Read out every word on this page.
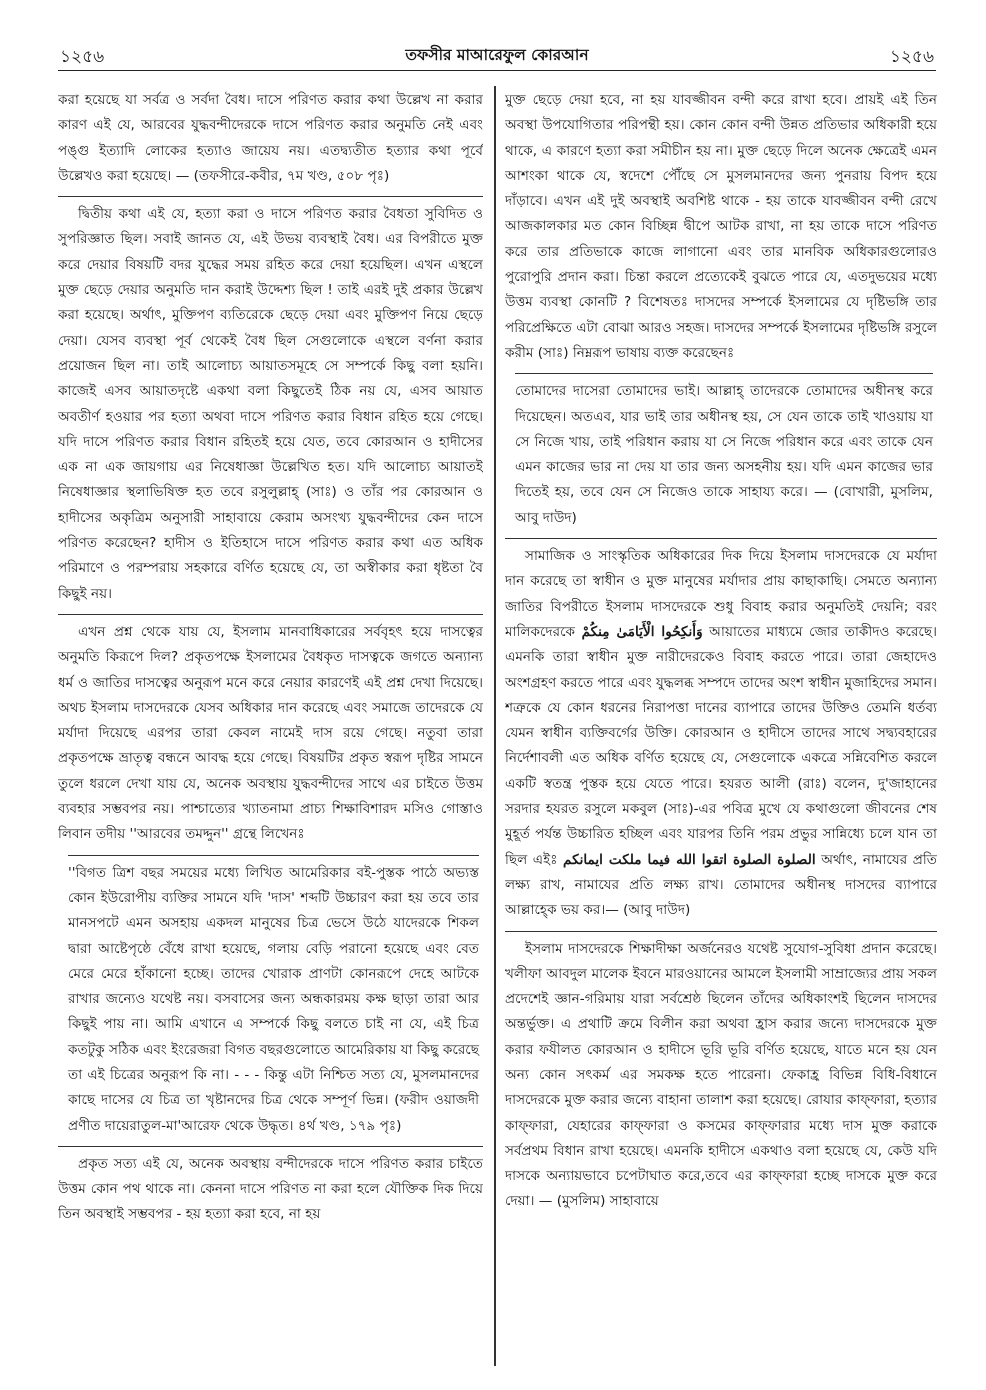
১২৫৬	তফসীর মাআরেফুল কোরআন	১২৫৬

করা হয়েছে যা সর্বত্র ও সর্বদা বৈধ। দাসে পরিণত করার কথা উল্লেখ না করার কারণ এই যে, আরবের যুদ্ধবন্দীদেরকে দাসে পরিণত করার অনুমতি নেই এবং পঙ্গু ইত্যাদি লোকের হত্যাও জায়েয নয়। এতদ্ব্যতীত হত্যার কথা পূর্বে উল্লেখও করা হয়েছে। — (তফসীরে-কবীর, ৭ম খণ্ড, ৫০৮ পৃঃ)

দ্বিতীয় কথা এই যে, হত্যা করা ও দাসে পরিণত করার বৈধতা সুবিদিত ও সুপরিজ্ঞাত ছিল। সবাই জানত যে, এই উভয় ব্যবস্থাই বৈধ। এর বিপরীতে মুক্ত করে দেয়ার বিষয়টি বদর যুদ্ধের সময় রহিত করে দেয়া হয়েছিল। এখন এস্থলে মুক্ত ছেড়ে দেয়ার অনুমতি দান করাই উদ্দেশ্য ছিল ! তাই এরই দুই প্রকার উল্লেখ করা হয়েছে। অর্থাৎ, মুক্তিপণ ব্যতিরেকে ছেড়ে দেয়া এবং মুক্তিপণ নিয়ে ছেড়ে দেয়া। যেসব ব্যবস্থা পূর্ব থেকেই বৈধ ছিল সেগুলোকে এস্থলে বর্ণনা করার প্রয়োজন ছিল না। তাই আলোচ্য আয়াতসমূহে সে সম্পর্কে কিছু বলা হয়নি। কাজেই এসব আয়াতদৃষ্টে একথা বলা কিছুতেই ঠিক নয় যে, এসব আয়াত অবতীর্ণ হওয়ার পর হত্যা অথবা দাসে পরিণত করার বিধান রহিত হয়ে গেছে। যদি দাসে পরিণত করার বিধান রহিতই হয়ে যেত, তবে কোরআন ও হাদীসের এক না এক জায়গায় এর নিষেধাজ্ঞা উল্লেখিত হত। যদি আলোচ্য আয়াতই নিষেধাজ্ঞার স্থলাভিষিক্ত হত তবে রসুলুল্লাহ্ (সাঃ) ও তাঁর পর কোরআন ও হাদীসের অকৃত্রিম অনুসারী সাহাবায়ে কেরাম অসংখ্য যুদ্ধবন্দীদের কেন দাসে পরিণত করেছেন? হাদীস ও ইতিহাসে দাসে পরিণত করার কথা এত অধিক পরিমাণে ও পরম্পরায় সহকারে বর্ণিত হয়েছে যে, তা অস্বীকার করা ধৃষ্টতা বৈ কিছুই নয়।

এখন প্রশ্ন থেকে যায় যে, ইসলাম মানবাধিকারের সর্ববৃহৎ হয়ে দাসত্বের অনুমতি কিরূপে দিল? প্রকৃতপক্ষে ইসলামের বৈধকৃত দাসত্বকে জগতে অন্যান্য ধর্ম ও জাতির দাসত্বের অনুরূপ মনে করে নেয়ার কারণেই এই প্রশ্ন দেখা দিয়েছে। অথচ ইসলাম দাসদেরকে যেসব অধিকার দান করেছে এবং সমাজে তাদেরকে যে মর্যাদা দিয়েছে এরপর তারা কেবল নামেই দাস রয়ে গেছে। নতুবা তারা প্রকৃতপক্ষে ভ্রাতৃত্ব বন্ধনে আবদ্ধ হয়ে গেছে। বিষয়টির প্রকৃত স্বরূপ দৃষ্টির সামনে তুলে ধরলে দেখা যায় যে, অনেক অবস্থায় যুদ্ধবন্দীদের সাথে এর চাইতে উত্তম ব্যবহার সম্ভবপর নয়। পাশ্চাত্যের খ্যাতনামা প্রাচ্য শিক্ষাবিশারদ মসিও গোস্তাও লিবান তদীয় ''আরবের তমদ্দুন'' গ্রন্থে লিখেনঃ

''বিগত ত্রিশ বছর সময়ের মধ্যে লিখিত আমেরিকার বই-পুস্তক পাঠে অভ্যস্ত কোন ইউরোপীয় ব্যক্তির সামনে যদি 'দাস' শব্দটি উচ্চারণ করা হয় তবে তার মানসপটে এমন অসহায় একদল মানুষের চিত্র ভেসে উঠে যাদেরকে শিকল দ্বারা আষ্টেপৃষ্ঠে বেঁধে রাখা হয়েছে, গলায় বেড়ি পরানো হয়েছে এবং বেত মেরে মেরে হাঁকানো হচ্ছে। তাদের খোরাক প্রাণটা কোনরূপে দেহে আটকে রাখার জন্যেও যথেষ্ট নয়। বসবাসের জন্য অন্ধকারময় কক্ষ ছাড়া তারা আর কিছুই পায় না। আমি এখানে এ সম্পর্কে কিছু বলতে চাই না যে, এই চিত্র কতটুকু সঠিক এবং ইংরেজরা বিগত বছরগুলোতে আমেরিকায় যা কিছু করেছে তা এই চিত্রের অনুরূপ কি না। - - - কিন্তু এটা নিশ্চিত সত্য যে, মুসলমানদের কাছে দাসের যে চিত্র তা খৃষ্টানদের চিত্র থেকে সম্পূর্ণ ভিন্ন। (ফরীদ ওয়াজদী প্রণীত দায়েরাতুল-মা'আরেফ থেকে উদ্ধৃত। ৪র্থ খণ্ড, ১৭৯ পৃঃ)

প্রকৃত সত্য এই যে, অনেক অবস্থায় বন্দীদেরকে দাসে পরিণত করার চাইতে উত্তম কোন পথ থাকে না। কেননা দাসে পরিণত না করা হলে যৌক্তিক দিক দিয়ে তিন অবস্থাই সম্ভবপর - হয় হত্যা করা হবে, না হয়

মুক্ত ছেড়ে দেয়া হবে, না হয় যাবজ্জীবন বন্দী করে রাখা হবে। প্রায়ই এই তিন অবস্থা উপযোগিতার পরিপন্থী হয়। কোন কোন বন্দী উন্নত প্রতিভার অধিকারী হয়ে থাকে, এ কারণে হত্যা করা সমীচীন হয় না। মুক্ত ছেড়ে দিলে অনেক ক্ষেত্রেই এমন আশংকা থাকে যে, স্বদেশে পৌঁছে সে মুসলমানদের জন্য পুনরায় বিপদ হয়ে দাঁড়াবে। এখন এই দুই অবস্থাই অবশিষ্ট থাকে - হয় তাকে যাবজ্জীবন বন্দী রেখে আজকালকার মত কোন বিচ্ছিন্ন দ্বীপে আটক রাখা, না হয় তাকে দাসে পরিণত করে তার প্রতিভাকে কাজে লাগানো এবং তার মানবিক অধিকারগুলোরও পুরোপুরি প্রদান করা। চিন্তা করলে প্রত্যেকেই বুঝতে পারে যে, এতদুভয়ের মধ্যে উত্তম ব্যবস্থা কোনটি ? বিশেষতঃ দাসদের সম্পর্কে ইসলামের যে দৃষ্টিভঙ্গি তার পরিপ্রেক্ষিতে এটা বোঝা আরও সহজ। দাসদের সম্পর্কে ইসলামের দৃষ্টিভঙ্গি রসুলে করীম (সাঃ) নিম্নরূপ ভাষায় ব্যক্ত করেছেনঃ

তোমাদের দাসেরা তোমাদের ভাই। আল্লাহ্ তাদেরকে তোমাদের অধীনস্থ করে দিয়েছেন। অতএব, যার ভাই তার অধীনস্থ হয়, সে যেন তাকে তাই খাওয়ায় যা সে নিজে খায়, তাই পরিধান করায় যা সে নিজে পরিধান করে এবং তাকে যেন এমন কাজের ভার না দেয় যা তার জন্য অসহনীয় হয়। যদি এমন কাজের ভার দিতেই হয়, তবে যেন সে নিজেও তাকে সাহায্য করে। — (বোখারী, মুসলিম, আবু দাউদ)

সামাজিক ও সাংস্কৃতিক অধিকারের দিক দিয়ে ইসলাম দাসদেরকে যে মর্যাদা দান করেছে তা স্বাধীন ও মুক্ত মানুষের মর্যাদার প্রায় কাছাকাছি। সেমতে অন্যান্য জাতির বিপরীতে ইসলাম দাসদেরকে শুধু বিবাহ করার অনুমতিই দেয়নি; বরং মালিকদেরকে وَأَنكِحُوا الْأَيَامَىٰ مِنكُمْ আয়াতের মাধ্যমে জোর তাকীদও করেছে। এমনকি তারা স্বাধীন মুক্ত নারীদেরকেও বিবাহ করতে পারে। তারা জেহাদেও অংশগ্রহণ করতে পারে এবং যুদ্ধলব্ধ সম্পদে তাদের অংশ স্বাধীন মুজাহিদের সমান। শত্রুকে যে কোন ধরনের নিরাপত্তা দানের ব্যাপারে তাদের উক্তিও তেমনি ধর্তব্য যেমন স্বাধীন ব্যক্তিবর্গের উক্তি। কোরআন ও হাদীসে তাদের সাথে সদ্ব্যবহারের নির্দেশাবলী এত অধিক বর্ণিত হয়েছে যে, সেগুলোকে একত্রে সন্নিবেশিত করলে একটি স্বতন্ত্র পুস্তক হয়ে যেতে পারে। হযরত আলী (রাঃ) বলেন, দু'জাহানের সরদার হযরত রসুলে মকবুল (সাঃ)-এর পবিত্র মুখে যে কথাগুলো জীবনের শেষ মুহূর্ত পর্যন্ত উচ্চারিত হচ্ছিল এবং যারপর তিনি পরম প্রভুর সান্নিধ্যে চলে যান তা ছিল এইঃ الصلوة الصلوة اتقوا الله فيما ملكت ايمانكم অর্থাৎ, নামাযের প্রতি লক্ষ্য রাখ, নামাযের প্রতি লক্ষ্য রাখ। তোমাদের অধীনস্থ দাসদের ব্যাপারে আল্লাহ্কে ভয় কর।— (আবু দাউদ)

ইসলাম দাসদেরকে শিক্ষাদীক্ষা অর্জনেরও যথেষ্ট সুযোগ-সুবিধা প্রদান করেছে। খলীফা আবদুল মালেক ইবনে মারওয়ানের আমলে ইসলামী সাম্রাজ্যের প্রায় সকল প্রদেশেই জ্ঞান-গরিমায় যারা সর্বশ্রেষ্ঠ ছিলেন তাঁদের অধিকাংশই ছিলেন দাসদের অন্তর্ভুক্ত। এ প্রথাটি ক্রমে বিলীন করা অথবা হ্রাস করার জন্যে দাসদেরকে মুক্ত করার ফযীলত কোরআন ও হাদীসে ভূরি ভূরি বর্ণিত হয়েছে, যাতে মনে হয় যেন অন্য কোন সৎকর্ম এর সমকক্ষ হতে পারেনা। ফেকাহ্র বিভিন্ন বিধি-বিধানে দাসদেরকে মুক্ত করার জন্যে বাহানা তালাশ করা হয়েছে। রোযার কাফ্ফারা, হত্যার কাফ্ফারা, যেহারের কাফ্ফারা ও কসমের কাফ্ফারার মধ্যে দাস মুক্ত করাকে সর্বপ্রথম বিধান রাখা হয়েছে। এমনকি হাদীসে একথাও বলা হয়েছে যে, কেউ যদি দাসকে অন্যায়ভাবে চপেটাঘাত করে,তবে এর কাফ্ফারা হচ্ছে দাসকে মুক্ত করে দেয়া। — (মুসলিম) সাহাবায়ে
